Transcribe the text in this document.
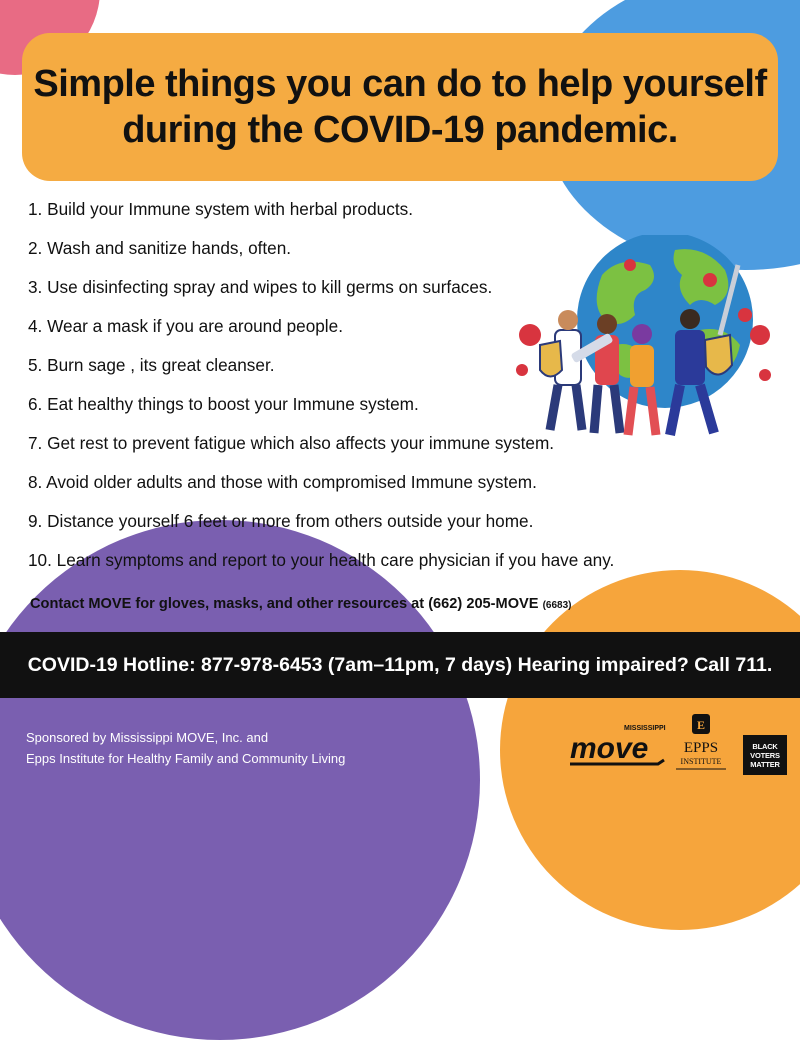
Simple things you can do to help yourself
during the COVID-19 pandemic.
1. Build your Immune system with herbal products.
2. Wash and sanitize hands, often.
3. Use disinfecting spray and wipes to kill germs on surfaces.
4. Wear a mask if you are around people.
5. Burn sage , its great cleanser.
6. Eat healthy things to boost your Immune system.
7. Get rest to prevent fatigue which also affects your immune system.
8. Avoid older adults and those with compromised Immune system.
9. Distance yourself 6 feet or more from others outside your home.
10. Learn symptoms and report to your health care physician if you have any.
Contact MOVE for gloves, masks, and other resources at (662) 205-MOVE (6683)
COVID-19 Hotline: 877-978-6453 (7am–11pm, 7 days) Hearing impaired? Call 711.
Sponsored by Mississippi MOVE, Inc. and
Epps Institute for Healthy Family and Community Living
MISSISSIPPI
move
E
EPPS
INSTITUTE
BLACK
VOTERS
MATTER
